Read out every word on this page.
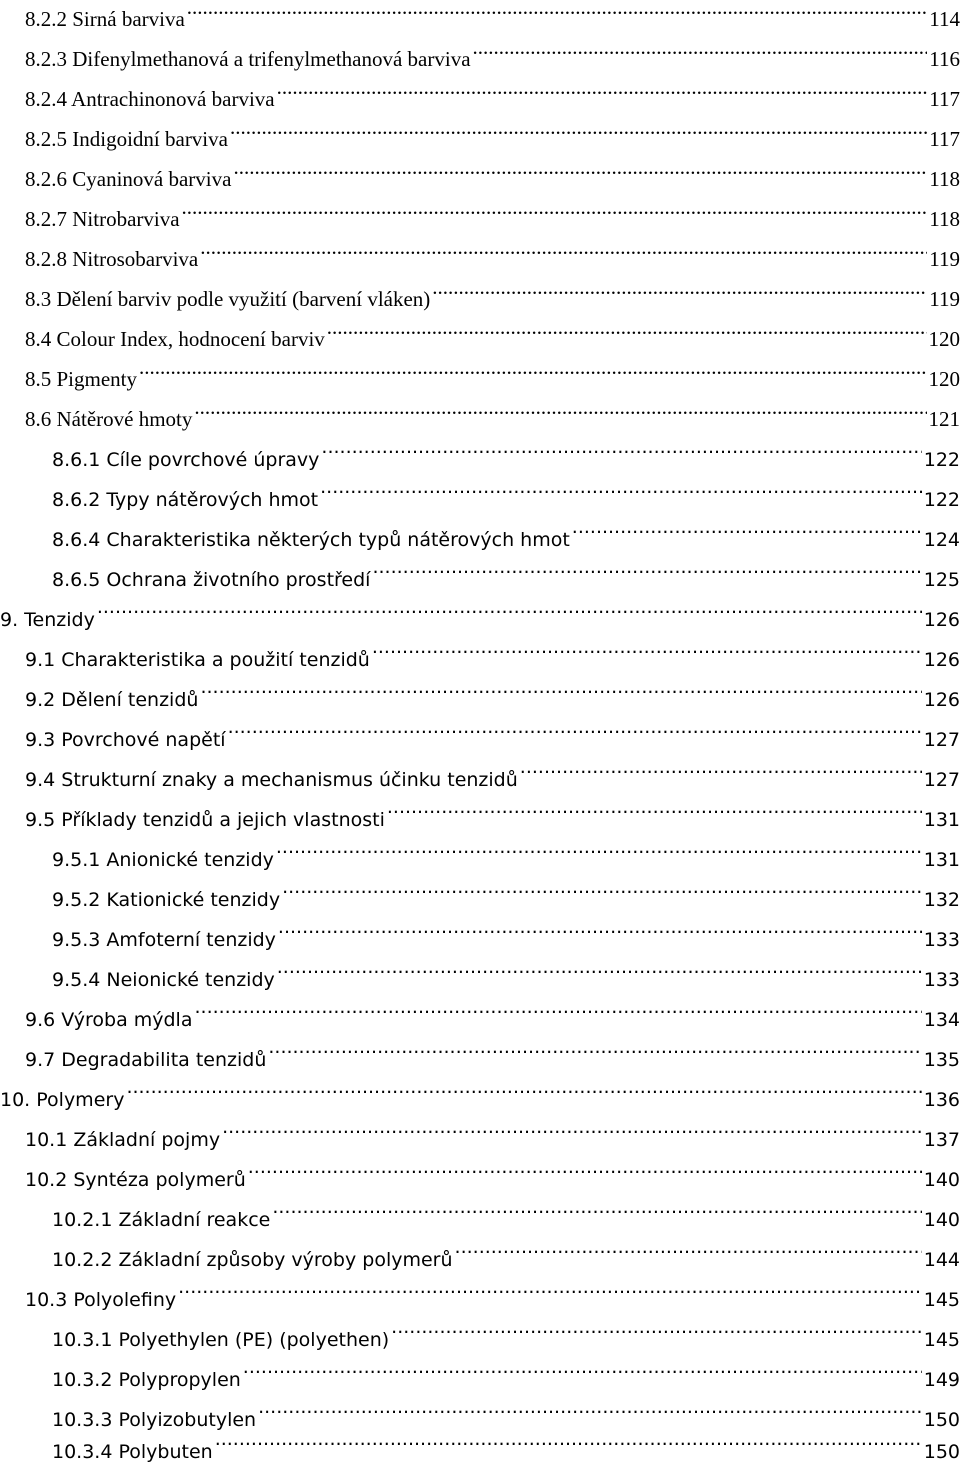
8.2.2 Sirná barviva .....	114
8.2.3 Difenylmethanová a trifenylmethanová barviva .....	116
8.2.4 Antrachinonová barviva .....	117
8.2.5 Indigoidní barviva .....	117
8.2.6 Cyaninová barviva .....	118
8.2.7 Nitrobarviva .....	118
8.2.8 Nitrosobarviva .....	119
8.3 Dělení barviv podle využití (barvení vláken) .....	119
8.4 Colour Index, hodnocení barviv .....	120
8.5 Pigmenty .....	120
8.6 Nátěrové hmoty .....	121
8.6.1 Cíle povrchové úpravy .....	122
8.6.2 Typy nátěrových hmot .....	122
8.6.4 Charakteristika některých typů nátěrových hmot .....	124
8.6.5 Ochrana životního prostředí .....	125
9. Tenzidy .....	126
9.1 Charakteristika a použití tenzidů .....	126
9.2 Dělení tenzidů .....	126
9.3 Povrchové napětí .....	127
9.4 Strukturní znaky a mechanismus účinku tenzidů .....	127
9.5 Příklady tenzidů a jejich vlastnosti .....	131
9.5.1 Anionické tenzidy .....	131
9.5.2 Kationické tenzidy .....	132
9.5.3 Amfoterní tenzidy .....	133
9.5.4 Neionické tenzidy .....	133
9.6 Výroba mýdla .....	134
9.7 Degradabilita tenzidů .....	135
10. Polymery .....	136
10.1 Základní pojmy .....	137
10.2 Syntéza polymerů .....	140
10.2.1 Základní reakce .....	140
10.2.2 Základní způsoby výroby polymerů .....	144
10.3 Polyolefiny .....	145
10.3.1 Polyethylen (PE) (polyethen) .....	145
10.3.2 Polypropylen .....	149
10.3.3 Polyizobutylen .....	150
10.3.4 Polybuten .....	150
